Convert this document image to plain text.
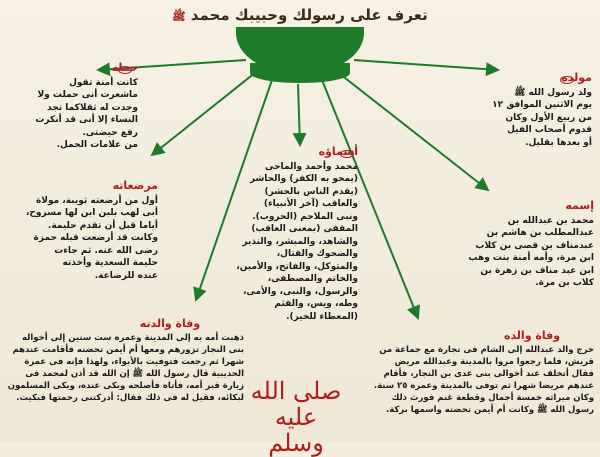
تعرف على رسولك وحبيبك محمد ﷺ
مولده

ولد رسول الله ﷺ

يوم الاثنين الموافق ١٢

من ربيع الأول وكان

قدوم أصحاب الفيل

أو بعدها بقليل.

حمله

كانت أمنة تقول

ماشعرت أنى حملت ولا

وجدت له ثقلاكما تجد

النساء إلا أنى قد أنكرت

رفع حيضتى.

من علامات الحمل.

مرضعاته

أول من أرضعته ثويبة، مولاة

أبى لهب بلبن ابن لها مسروح،

أياما قبل أن تقدم حليمة.

وكانت قد أرضعت قبله حمزة

رضى الله عنه. ثم جاءت

حليمة السعدية وأخذته

عنده للرضاعة.

أسماؤه

محمد وأحمد والماحى

(يمحو به الكفر) والحاشر

(يقدم الناس بالحشر)

والعاقب (آخر الأنبياء)

ونبى الملاحم (الحروب).

المقفى (بمعنى العاقب)

والشاهد، والمبشر، والنذير

والضحوك والقتال،

والمتوكل، والفاتح، والأمين،

والخاتم والمصطفى،

والرسول، والنبى، والأمى،

وطه، ويس، والقثم

(المعطاء للخير).

إسمه

محمد بن عبدالله بن

عبدالمطلب بن هاشم بن

عبدمناف بن قصى بن كلاب

ابن مرة، وأمه أمنة بنت وهب

ابن عبد مناف بن زهرة بن

كلاب بن مرة.

وفاة والدته

ذهبت أمه به إلى المدينة وعمره ست سنين إلى أخواله

بنى النجار تزورهم ومعها أم أيمن تحضنه فأقامت عندهم

شهرا ثم رجعت فتوفيت بالأبواء، ولهذا فإنه فى عمرة

الحديبية قال رسول الله ﷺ إن الله قد أذن لمحمد فى

زيارة قبر أمه، فأتاه فأصلحه وبكى عنده، وبكى المسلمون

لبكائه، فقيل له فى ذلك فقال: أدركتنى رحمتها فبكيت.

وفاة والده

خرج والد عبدالله إلى الشام فى تجارة مع جماعة من

قريش، فلما رجعوا مروا بالمدينة وعبدالله مريض

فقال أتخلف عند أخوالى بنى عدى بن النجار، فأقام

عندهم مريضا شهرا ثم توفى بالمدينة وعمره ٢٥ سنة.

وكان ميراثه خمسة أجمال وقطعة غنم فورث ذلك

رسول الله ﷺ وكانت أم أيمن تحضنه واسمها بركة.

صلى الله
عليه وسلم
